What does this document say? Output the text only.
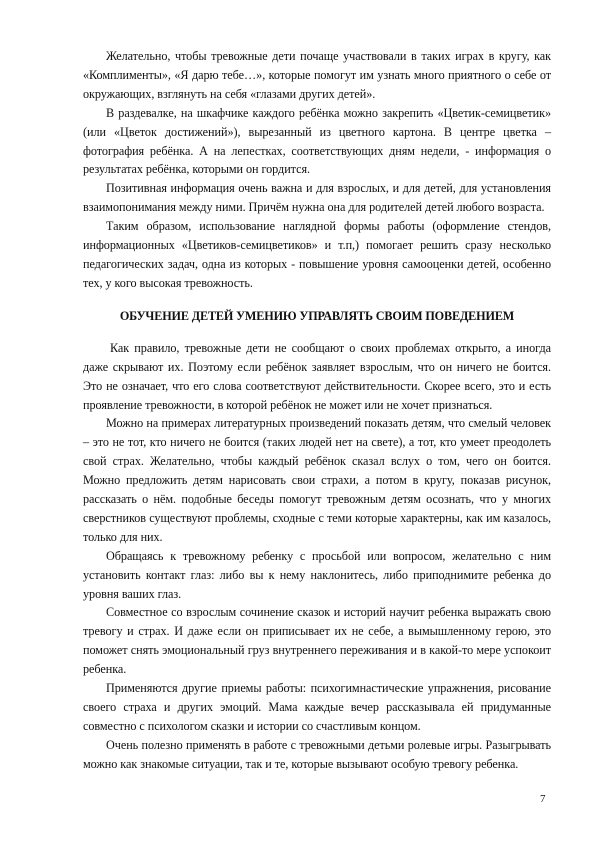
Желательно, чтобы тревожные дети почаще участвовали в таких играх в кругу, как «Комплименты», «Я дарю тебе…», которые помогут им узнать много приятного о себе от окружающих, взглянуть на себя «глазами других детей».

В раздевалке, на шкафчике каждого ребёнка можно закрепить «Цветик-семицветик» (или «Цветок достижений»), вырезанный из цветного картона. В центре цветка – фотография ребёнка. А на лепестках, соответствующих дням недели, - информация о результатах ребёнка, которыми он гордится.

Позитивная информация очень важна и для взрослых, и для детей, для установления взаимопонимания между ними. Причём нужна она для родителей детей любого возраста.

Таким образом, использование наглядной формы работы (оформление стендов, информационных «Цветиков-семицветиков» и т.п,) помогает решить сразу несколько педагогических задач, одна из которых - повышение уровня самооценки детей, особенно тех, у кого высокая тревожность.

ОБУЧЕНИЕ ДЕТЕЙ УМЕНИЮ УПРАВЛЯТЬ СВОИМ ПОВЕДЕНИЕМ

Как правило, тревожные дети не сообщают о своих проблемах открыто, а иногда даже скрывают их. Поэтому если ребёнок заявляет взрослым, что он ничего не боится. Это не означает, что его слова соответствуют действительности. Скорее всего, это и есть проявление тревожности, в которой ребёнок не может или не хочет признаться.

Можно на примерах литературных произведений показать детям, что смелый человек – это не тот, кто ничего не боится (таких людей нет на свете), а тот, кто умеет преодолеть свой страх. Желательно, чтобы каждый ребёнок сказал вслух о том, чего он боится. Можно предложить детям нарисовать свои страхи, а потом в кругу, показав рисунок, рассказать о нём. подобные беседы помогут тревожным детям осознать, что у многих сверстников существуют проблемы, сходные с теми которые характерны, как им казалось, только для них.

Обращаясь к тревожному ребенку с просьбой или вопросом, желательно с ним установить контакт глаз: либо вы к нему наклонитесь, либо приподнимите ребенка до уровня ваших глаз.

Совместное со взрослым сочинение сказок и историй научит ребенка выражать свою тревогу и страх. И даже если он приписывает их не себе, а вымышленному герою, это поможет снять эмоциональный груз внутреннего переживания и в какой-то мере успокоит ребенка.

Применяются другие приемы работы: психогимнастические упражнения, рисование своего страха и других эмоций. Мама каждые вечер рассказывала ей придуманные совместно с психологом сказки и истории со счастливым концом.

Очень полезно применять в работе с тревожными детьми ролевые игры. Разыгрывать можно как знакомые ситуации, так и те, которые вызывают особую тревогу ребенка.

7
